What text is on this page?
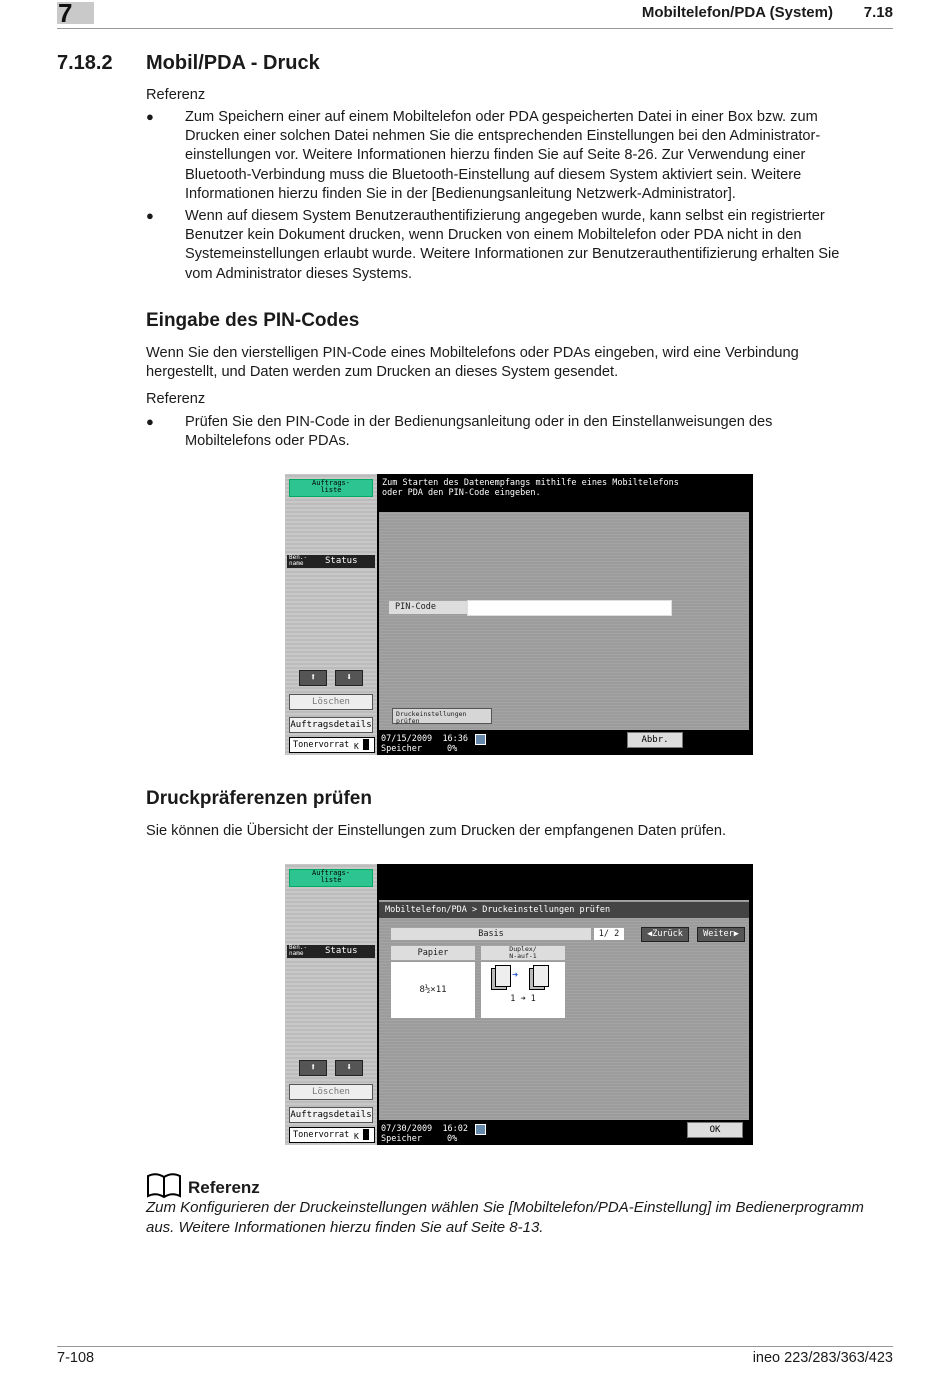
7	Mobiltelefon/PDA (System) 7.18
7.18.2 Mobil/PDA - Druck
Referenz
● Zum Speichern einer auf einem Mobiltelefon oder PDA gespeicherten Datei in einer Box bzw. zum
Drucken einer solchen Datei nehmen Sie die entsprechenden Einstellungen bei den Administrator-
einstellungen vor. Weitere Informationen hierzu finden Sie auf Seite 8-26. Zur Verwendung einer
Bluetooth-Verbindung muss die Bluetooth-Einstellung auf diesem System aktiviert sein. Weitere
Informationen hierzu finden Sie in der [Bedienungsanleitung Netzwerk-Administrator].
● Wenn auf diesem System Benutzerauthentifizierung angegeben wurde, kann selbst ein registrierter
Benutzer kein Dokument drucken, wenn Drucken von einem Mobiltelefon oder PDA nicht in den
Systemeinstellungen erlaubt wurde. Weitere Informationen zur Benutzerauthentifizierung erhalten Sie
vom Administrator dieses Systems.
Eingabe des PIN-Codes
Wenn Sie den vierstelligen PIN-Code eines Mobiltelefons oder PDAs eingeben, wird eine Verbindung
hergestellt, und Daten werden zum Drucken an dieses System gesendet.
Referenz
● Prüfen Sie den PIN-Code in der Bedienungsanleitung oder in den Einstellanweisungen des
Mobiltelefons oder PDAs.
Auftrags-
liste
Zum Starten des Datenempfangs mithilfe eines Mobiltelefons
oder PDA den PIN-Code eingeben.
Ben.-
name	Status
PIN-Code
Druckeinstellungen
prüfen
⬆	⬇
Löschen
Auftragsdetails
Tonervorrat K
07/15/2009 16:36
Speicher	0%
Abbr.
Druckpräferenzen prüfen
Sie können die Übersicht der Einstellungen zum Drucken der empfangenen Daten prüfen.
Auftrags-
liste
Ben.-
name	Status
Mobiltelefon/PDA > Druckeinstellungen prüfen
Basis	1/ 2	◀Zurück	Weiter▶
Papier	Duplex/
N-auf-1
8½×11
➜
1 ➜ 1
⬆	⬇
Löschen
Auftragsdetails
Tonervorrat K
07/30/2009 16:02
Speicher	0%
OK
Referenz
Zum Konfigurieren der Druckeinstellungen wählen Sie [Mobiltelefon/PDA-Einstellung] im Bedienerprogramm
aus. Weitere Informationen hierzu finden Sie auf Seite 8-13.
7-108	ineo 223/283/363/423
